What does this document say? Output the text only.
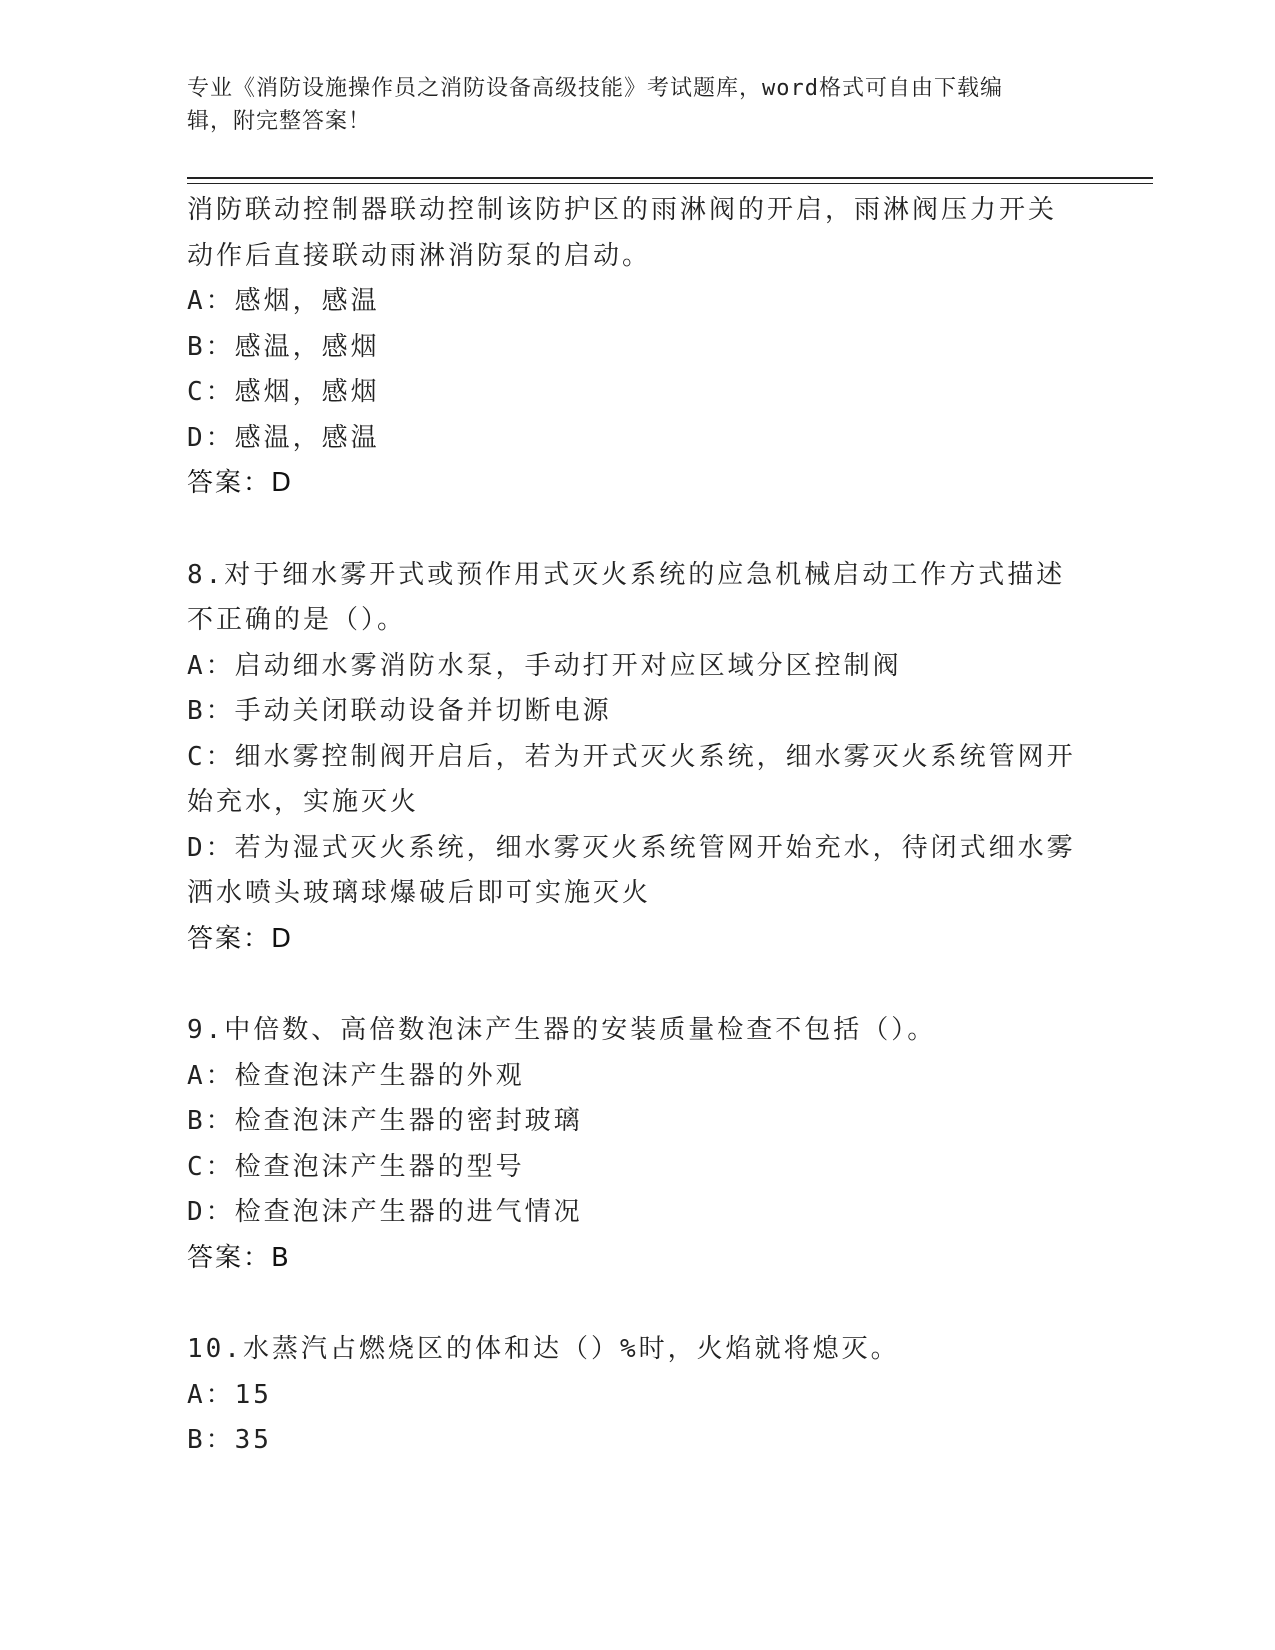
专业《消防设施操作员之消防设备高级技能》考试题库，word格式可自由下载编
辑，附完整答案！
消防联动控制器联动控制该防护区的雨淋阀的开启，雨淋阀压力开关
动作后直接联动雨淋消防泵的启动。
A：感烟，感温
B：感温，感烟
C：感烟，感烟
D：感温，感温
答案：D
8.对于细水雾开式或预作用式灭火系统的应急机械启动工作方式描述
不正确的是（）。
A：启动细水雾消防水泵，手动打开对应区域分区控制阀
B：手动关闭联动设备并切断电源
C：细水雾控制阀开启后，若为开式灭火系统，细水雾灭火系统管网开
始充水，实施灭火
D：若为湿式灭火系统，细水雾灭火系统管网开始充水，待闭式细水雾
洒水喷头玻璃球爆破后即可实施灭火
答案：D
9.中倍数、高倍数泡沫产生器的安装质量检查不包括（）。
A：检查泡沫产生器的外观
B：检查泡沫产生器的密封玻璃
C：检查泡沫产生器的型号
D：检查泡沫产生器的进气情况
答案：B
10.水蒸汽占燃烧区的体和达（）%时，火焰就将熄灭。
A：15
B：35
